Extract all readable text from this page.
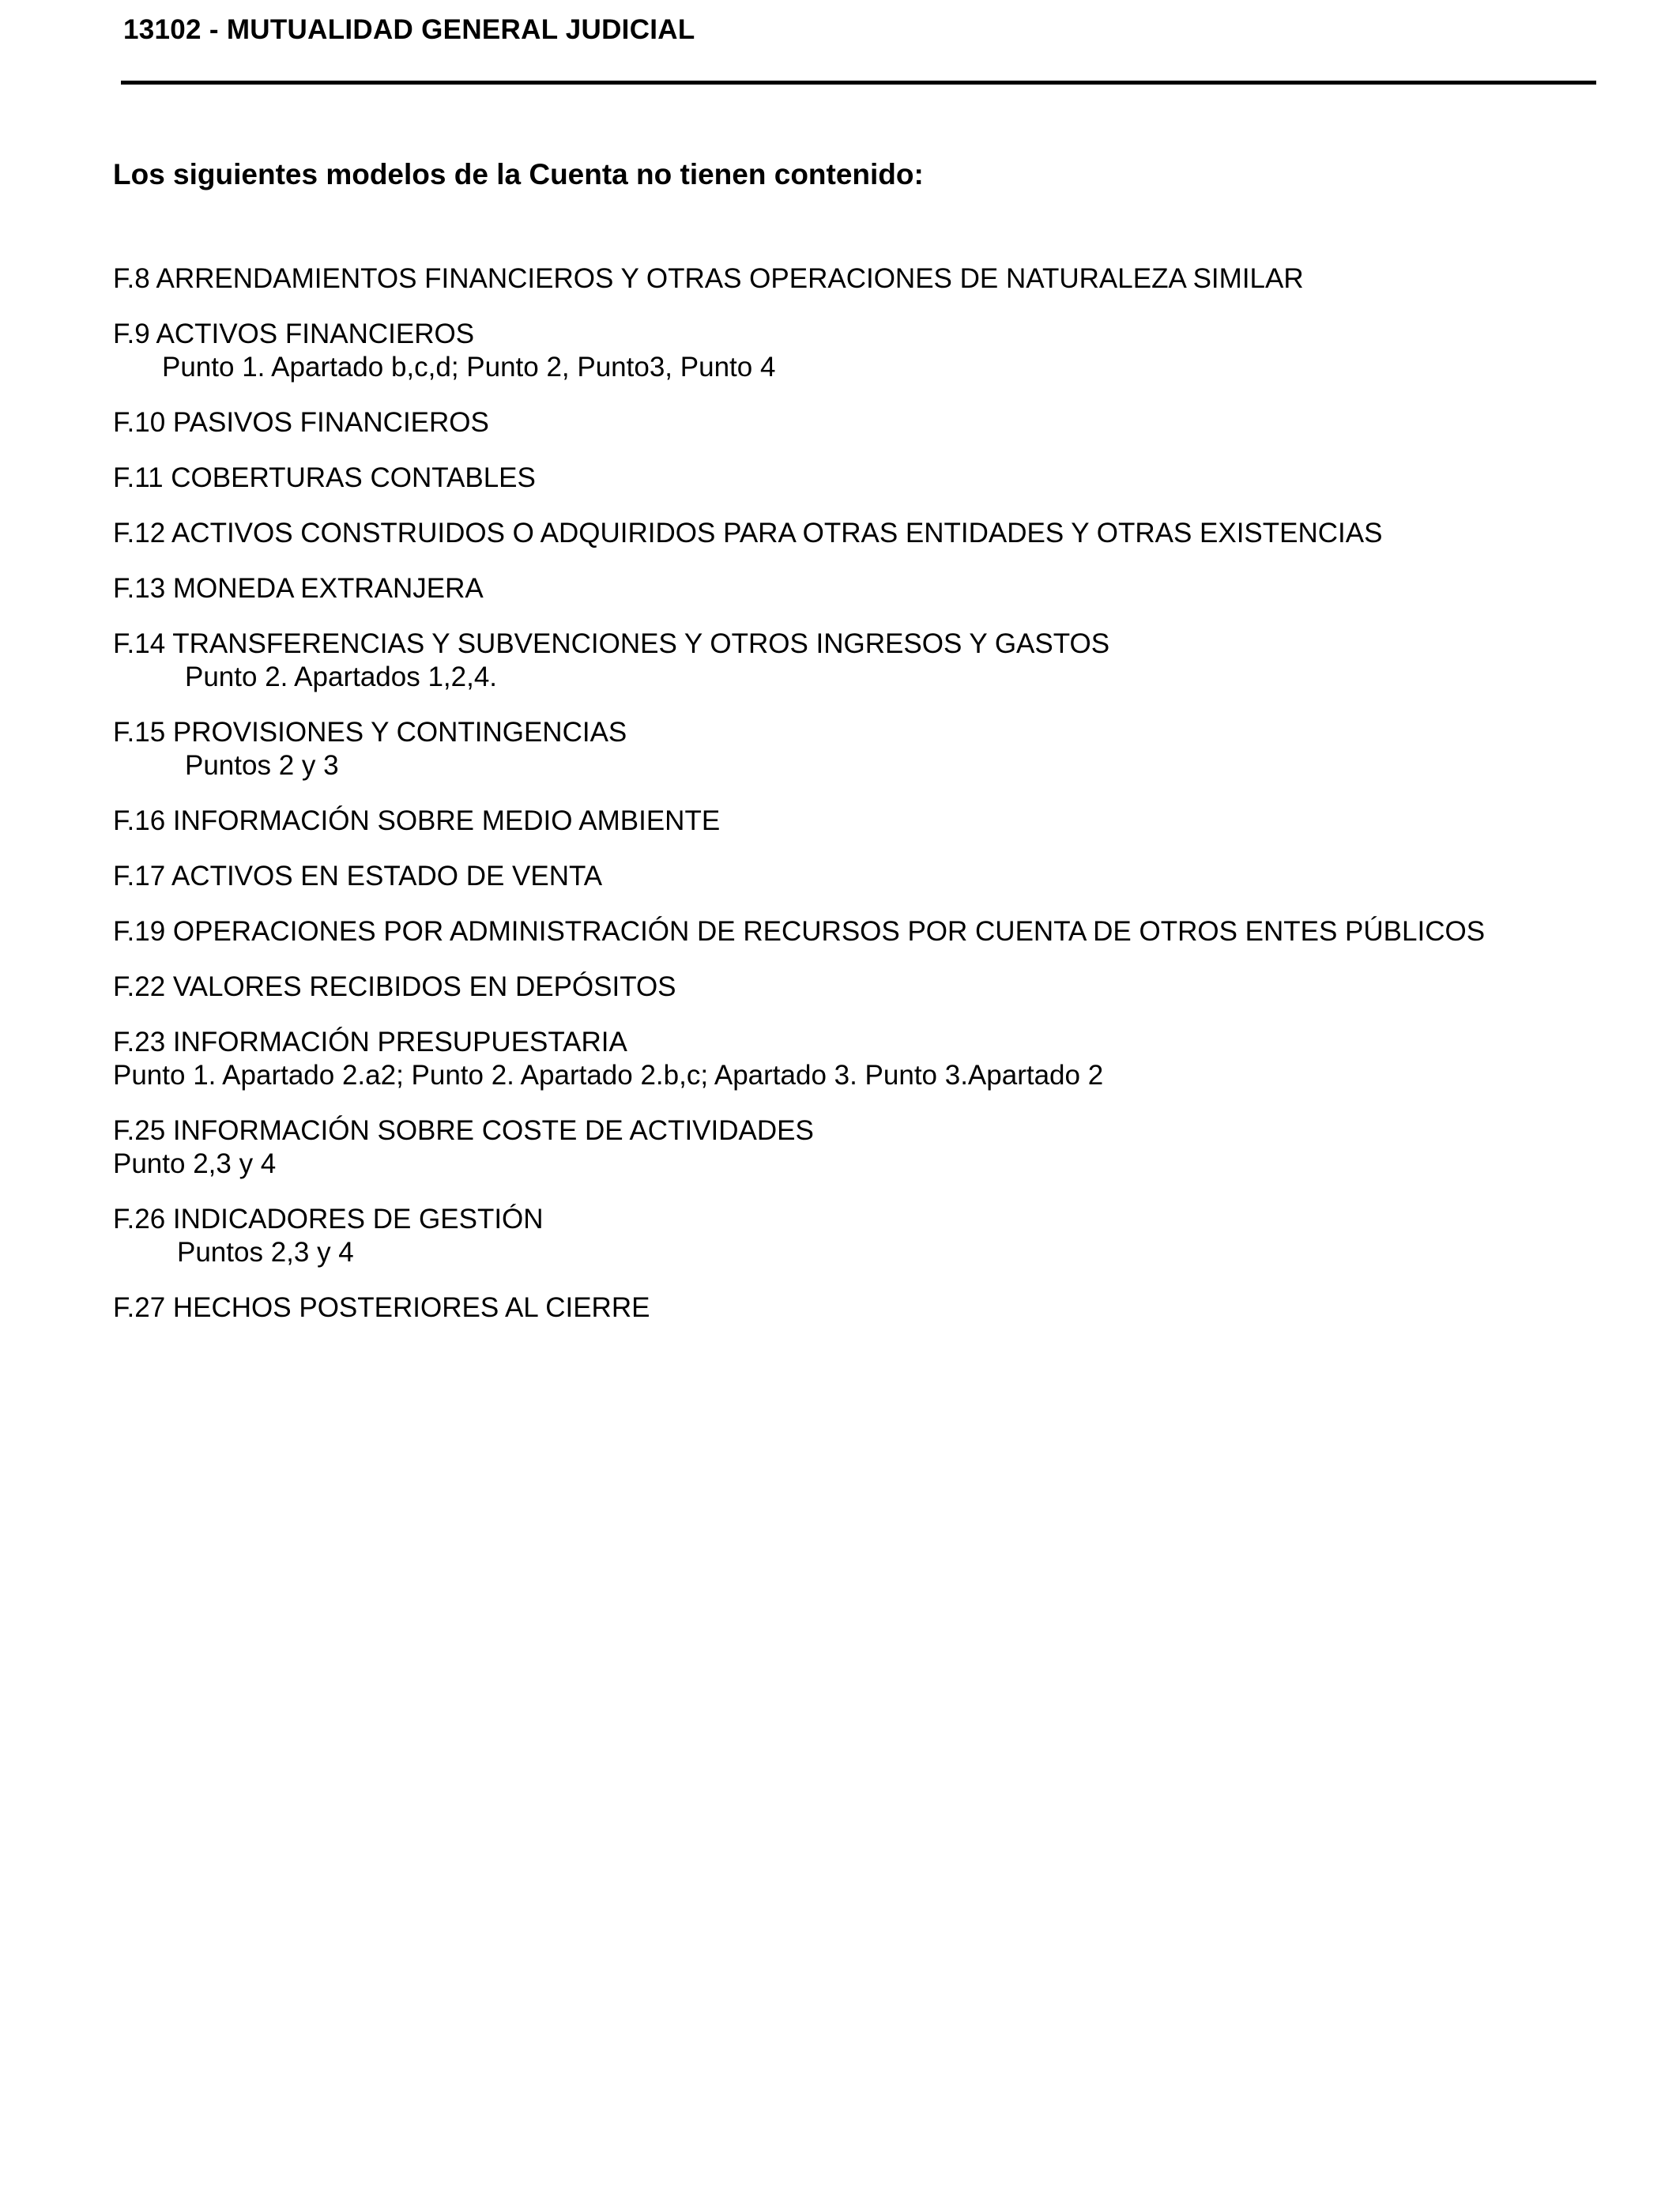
13102 - MUTUALIDAD GENERAL JUDICIAL
Los siguientes modelos de la Cuenta no tienen contenido:
F.8 ARRENDAMIENTOS FINANCIEROS Y OTRAS OPERACIONES DE NATURALEZA SIMILAR
F.9 ACTIVOS FINANCIEROS
Punto 1. Apartado b,c,d; Punto 2, Punto3, Punto 4
F.10 PASIVOS FINANCIEROS
F.11 COBERTURAS CONTABLES
F.12 ACTIVOS CONSTRUIDOS O ADQUIRIDOS PARA OTRAS ENTIDADES Y OTRAS EXISTENCIAS
F.13 MONEDA EXTRANJERA
F.14 TRANSFERENCIAS Y SUBVENCIONES Y OTROS INGRESOS Y GASTOS
Punto 2. Apartados 1,2,4.
F.15 PROVISIONES Y CONTINGENCIAS
Puntos 2 y 3
F.16 INFORMACIÓN SOBRE MEDIO AMBIENTE
F.17 ACTIVOS EN ESTADO DE VENTA
F.19 OPERACIONES POR ADMINISTRACIÓN DE RECURSOS POR CUENTA DE OTROS ENTES PÚBLICOS
F.22 VALORES RECIBIDOS EN DEPÓSITOS
F.23 INFORMACIÓN PRESUPUESTARIA
Punto 1. Apartado 2.a2; Punto 2. Apartado 2.b,c; Apartado 3. Punto 3.Apartado 2
F.25 INFORMACIÓN SOBRE COSTE DE ACTIVIDADES
Punto 2,3 y 4
F.26 INDICADORES DE GESTIÓN
Puntos 2,3 y 4
F.27 HECHOS POSTERIORES AL CIERRE
